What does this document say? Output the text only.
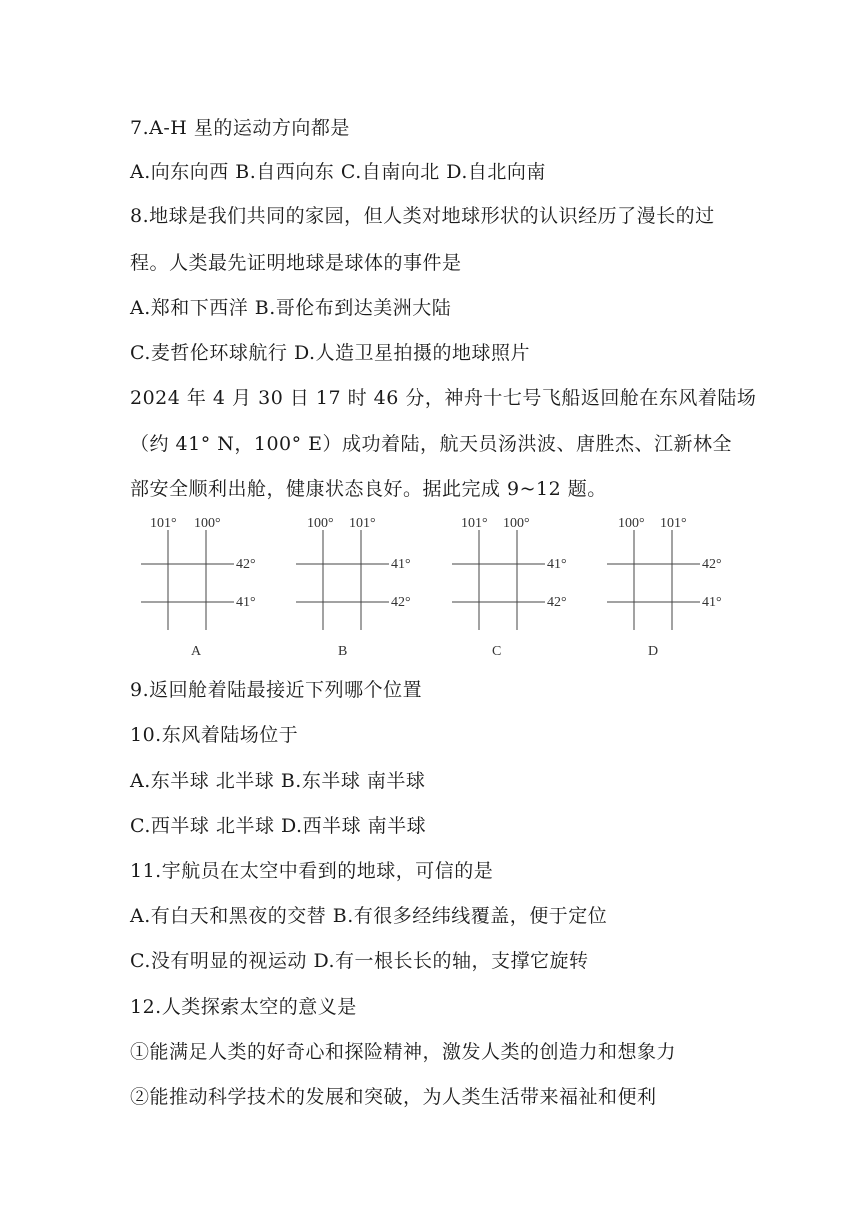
7.A-H 星的运动方向都是
A.向东向西 B.自西向东 C.自南向北 D.自北向南
8.地球是我们共同的家园，但人类对地球形状的认识经历了漫长的过
程。人类最先证明地球是球体的事件是
A.郑和下西洋 B.哥伦布到达美洲大陆
C.麦哲伦环球航行 D.人造卫星拍摄的地球照片
2024 年 4 月 30 日 17 时 46 分，神舟十七号飞船返回舱在东风着陆场
（约 41° N，100° E）成功着陆，航天员汤洪波、唐胜杰、江新林全
部安全顺利出舱，健康状态良好。据此完成 9~12 题。
101° 100°
42°
41°
A
100° 101°
41°
42°
B
101° 100°
41°
42°
C
100° 101°
42°
41°
D
9.返回舱着陆最接近下列哪个位置
10.东风着陆场位于
A.东半球 北半球 B.东半球 南半球
C.西半球 北半球 D.西半球 南半球
11.宇航员在太空中看到的地球，可信的是
A.有白天和黑夜的交替 B.有很多经纬线覆盖，便于定位
C.没有明显的视运动 D.有一根长长的轴，支撑它旋转
12.人类探索太空的意义是
①能满足人类的好奇心和探险精神，激发人类的创造力和想象力
②能推动科学技术的发展和突破，为人类生活带来福祉和便利
